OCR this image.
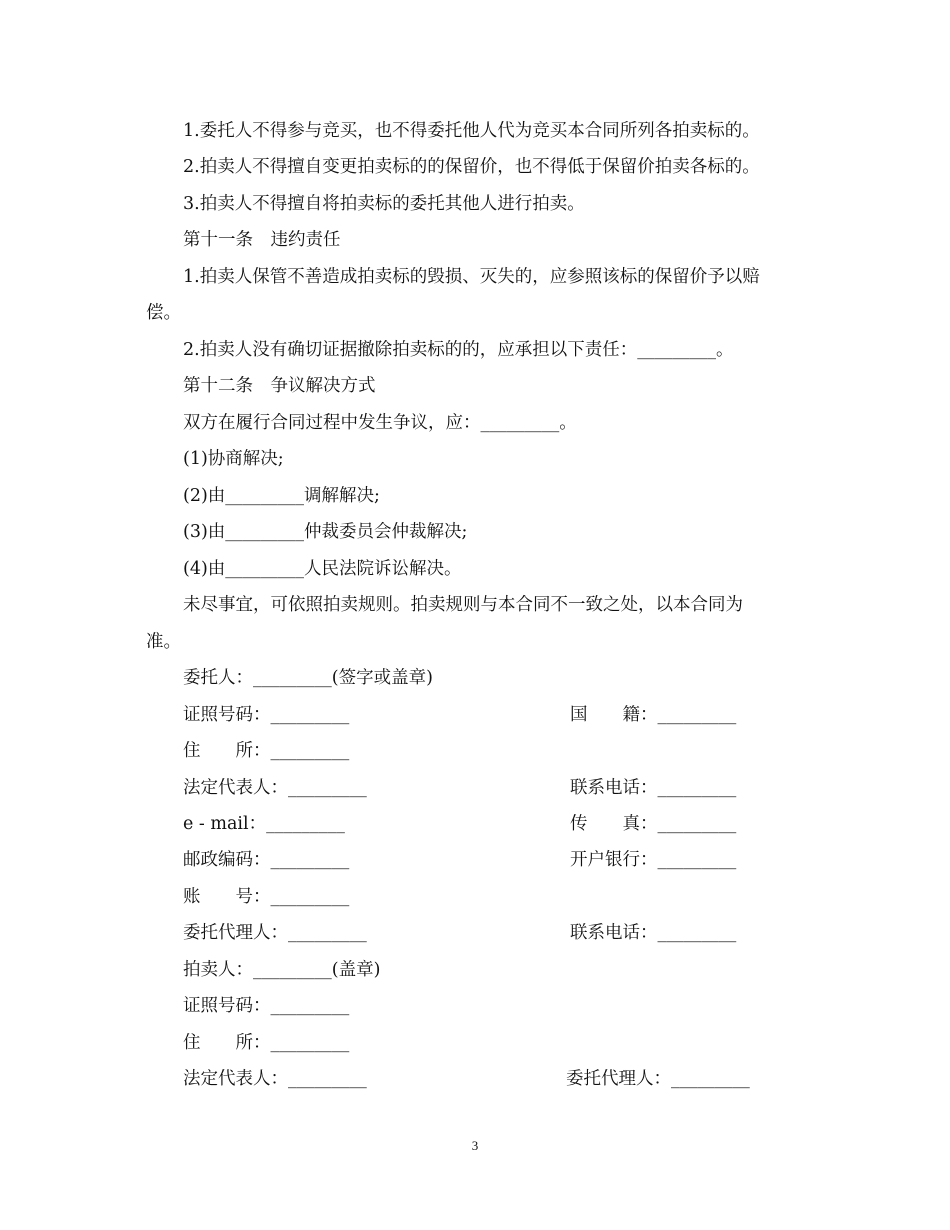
1.委托人不得参与竞买，也不得委托他人代为竞买本合同所列各拍卖标的。
2.拍卖人不得擅自变更拍卖标的的保留价，也不得低于保留价拍卖各标的。
3.拍卖人不得擅自将拍卖标的委托其他人进行拍卖。
第十一条　违约责任
1.拍卖人保管不善造成拍卖标的毁损、灭失的，应参照该标的保留价予以赔
偿。
2.拍卖人没有确切证据撤除拍卖标的的，应承担以下责任：_________。
第十二条　争议解决方式
双方在履行合同过程中发生争议，应：_________。
(1)协商解决;
(2)由_________调解解决;
(3)由_________仲裁委员会仲裁解决;
(4)由_________人民法院诉讼解决。
未尽事宜，可依照拍卖规则。拍卖规则与本合同不一致之处，以本合同为
准。
委托人：_________(签字或盖章)
证照号码：_________	国　　籍：_________
住　　所：_________
法定代表人：_________	联系电话：_________
e - mail：_________	传　　真：_________
邮政编码：_________	开户银行：_________
账　　号：_________
委托代理人：_________	联系电话：_________
拍卖人：_________(盖章)
证照号码：_________
住　　所：_________
法定代表人：_________	委托代理人：_________
3
